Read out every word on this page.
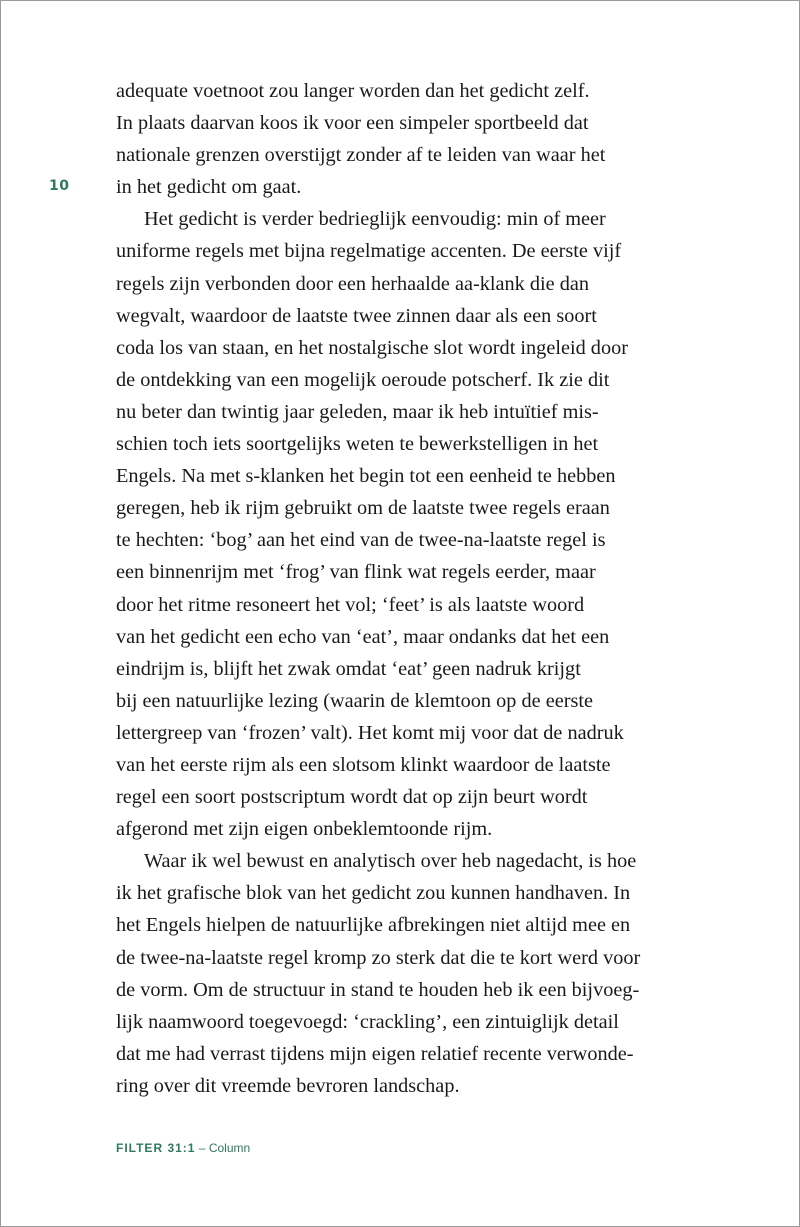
10
adequate voetnoot zou langer worden dan het gedicht zelf.
In plaats daarvan koos ik voor een simpeler sportbeeld dat
nationale grenzen overstijgt zonder af te leiden van waar het
in het gedicht om gaat.
Het gedicht is verder bedrieglijk eenvoudig: min of meer
uniforme regels met bijna regelmatige accenten. De eerste vijf
regels zijn verbonden door een herhaalde aa-klank die dan
wegvalt, waardoor de laatste twee zinnen daar als een soort
coda los van staan, en het nostalgische slot wordt ingeleid door
de ontdekking van een mogelijk oeroude potscherf. Ik zie dit
nu beter dan twintig jaar geleden, maar ik heb intuïtief mis-
schien toch iets soortgelijks weten te bewerkstelligen in het
Engels. Na met s-klanken het begin tot een eenheid te hebben
geregen, heb ik rijm gebruikt om de laatste twee regels eraan
te hechten: ‘bog’ aan het eind van de twee-na-laatste regel is
een binnenrijm met ‘frog’ van flink wat regels eerder, maar
door het ritme resoneert het vol; ‘feet’ is als laatste woord
van het gedicht een echo van ‘eat’, maar ondanks dat het een
eindrijm is, blijft het zwak omdat ‘eat’ geen nadruk krijgt
bij een natuurlijke lezing (waarin de klemtoon op de eerste
lettergreep van ‘frozen’ valt). Het komt mij voor dat de nadruk
van het eerste rijm als een slotsom klinkt waardoor de laatste
regel een soort postscriptum wordt dat op zijn beurt wordt
afgerond met zijn eigen onbeklemtoonde rijm.
Waar ik wel bewust en analytisch over heb nagedacht, is hoe
ik het grafische blok van het gedicht zou kunnen handhaven. In
het Engels hielpen de natuurlijke afbrekingen niet altijd mee en
de twee-na-laatste regel kromp zo sterk dat die te kort werd voor
de vorm. Om de structuur in stand te houden heb ik een bijvoeg-
lijk naamwoord toegevoegd: ‘crackling’, een zintuiglijk detail
dat me had verrast tijdens mijn eigen relatief recente verwonde-
ring over dit vreemde bevroren landschap.
FILTER 31:1 – Column
